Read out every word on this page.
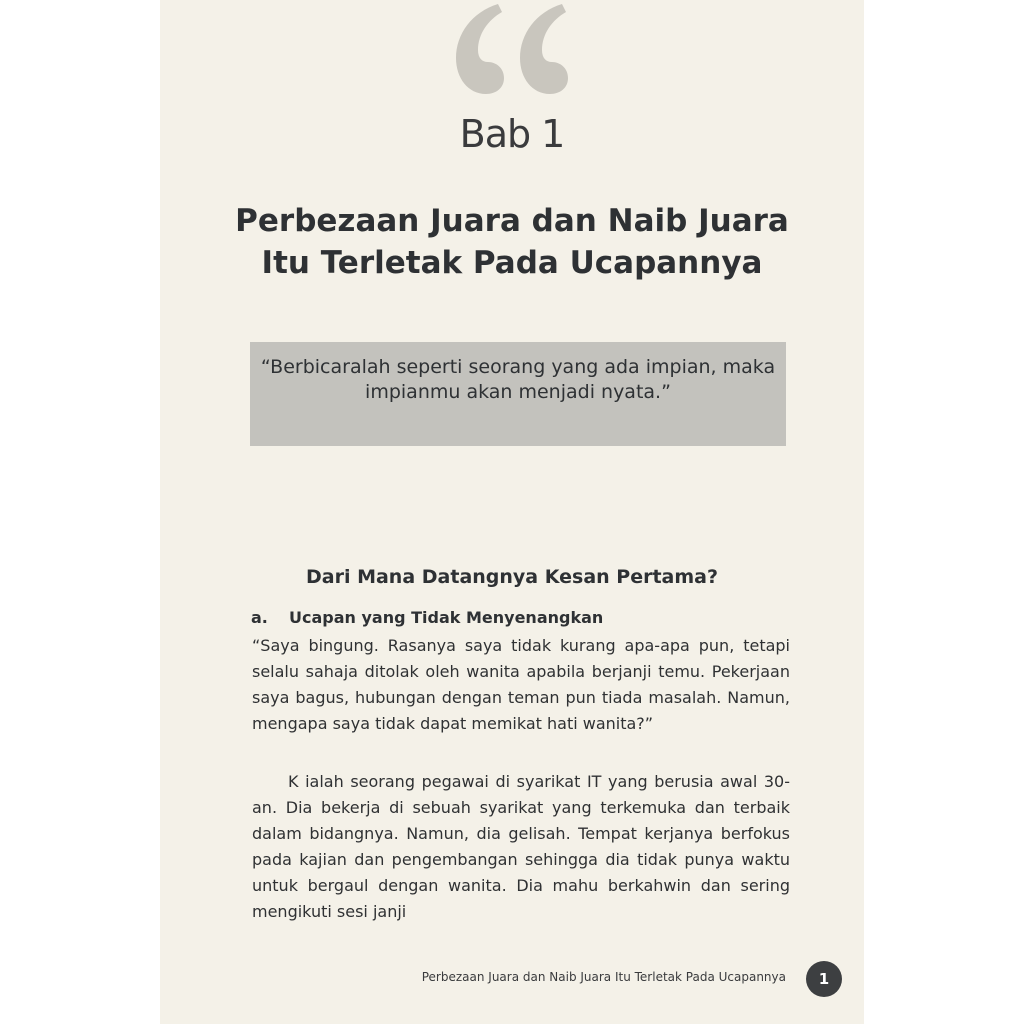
Bab 1
Perbezaan Juara dan Naib Juara Itu Terletak Pada Ucapannya
“Berbicaralah seperti seorang yang ada impian, maka impianmu akan menjadi nyata.”
Dari Mana Datangnya Kesan Pertama?
a. Ucapan yang Tidak Menyenangkan
“Saya bingung. Rasanya saya tidak kurang apa-apa pun, tetapi selalu sahaja ditolak oleh wanita apabila berjanji temu. Pekerjaan saya bagus, hubungan dengan teman pun tiada masalah. Namun, mengapa saya tidak dapat memikat hati wanita?”
K ialah seorang pegawai di syarikat IT yang berusia awal 30-an. Dia bekerja di sebuah syarikat yang terkemuka dan terbaik dalam bidangnya. Namun, dia gelisah. Tempat kerjanya berfokus pada kajian dan pengembangan sehingga dia tidak punya waktu untuk bergaul dengan wanita. Dia mahu berkahwin dan sering mengikuti sesi janji
Perbezaan Juara dan Naib Juara Itu Terletak Pada Ucapannya	1
